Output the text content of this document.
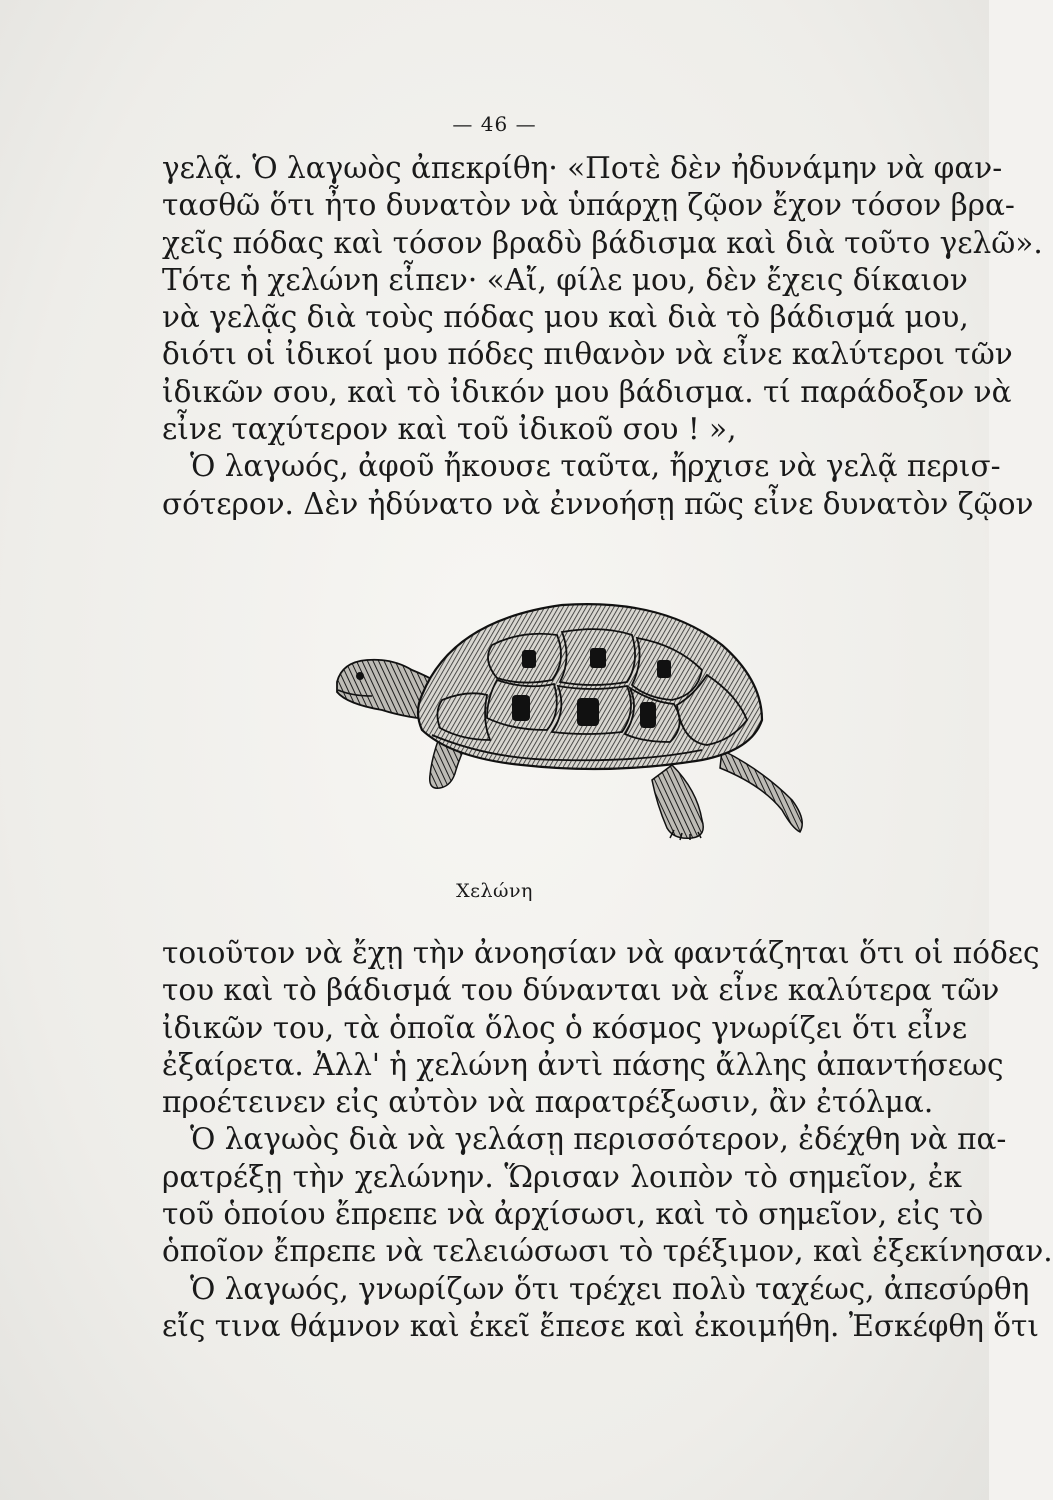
— 46 —
γελᾷ. Ὁ λαγωὸς ἀπεκρίθη· «Ποτὲ δὲν ἠδυνάμην νὰ φαν-
τασθῶ ὅτι ἦτο δυνατὸν νὰ ὑπάρχῃ ζῷον ἔχον τόσον βρα-
χεῖς πόδας καὶ τόσον βραδὺ βάδισμα καὶ διὰ τοῦτο γελῶ».
Τότε ἡ χελώνη εἶπεν· «Αἴ, φίλε μου, δὲν ἔχεις δίκαιον
νὰ γελᾷς διὰ τοὺς πόδας μου καὶ διὰ τὸ βάδισμά μου,
διότι οἱ ἰδικοί μου πόδες πιθανὸν νὰ εἶνε καλύτεροι τῶν
ἰδικῶν σου, καὶ τὸ ἰδικόν μου βάδισμα. τί παράδοξον νὰ
εἶνε ταχύτερον καὶ τοῦ ἰδικοῦ σου ! »,
Ὁ λαγωός, ἀφοῦ ἤκουσε ταῦτα, ἤρχισε νὰ γελᾷ περισ-
σότερον. Δὲν ἠδύνατο νὰ ἐννοήσῃ πῶς εἶνε δυνατὸν ζῷον
Χελώνη
τοιοῦτον νὰ ἔχῃ τὴν ἀνοησίαν νὰ φαντάζηται ὅτι οἱ πόδες
του καὶ τὸ βάδισμά του δύνανται νὰ εἶνε καλύτερα τῶν
ἰδικῶν του, τὰ ὁποῖα ὅλος ὁ κόσμος γνωρίζει ὅτι εἶνε
ἐξαίρετα. Ἀλλ' ἡ χελώνη ἀντὶ πάσης ἄλλης ἀπαντήσεως
προέτεινεν εἰς αὐτὸν νὰ παρατρέξωσιν, ἂν ἐτόλμα.
Ὁ λαγωὸς διὰ νὰ γελάσῃ περισσότερον, ἐδέχθη νὰ πα-
ρατρέξῃ τὴν χελώνην. Ὥρισαν λοιπὸν τὸ σημεῖον, ἐκ
τοῦ ὁποίου ἔπρεπε νὰ ἀρχίσωσι, καὶ τὸ σημεῖον, εἰς τὸ
ὁποῖον ἔπρεπε νὰ τελειώσωσι τὸ τρέξιμον, καὶ ἐξεκίνησαν.
Ὁ λαγωός, γνωρίζων ὅτι τρέχει πολὺ ταχέως, ἀπεσύρθη
εἴς τινα θάμνον καὶ ἐκεῖ ἔπεσε καὶ ἐκοιμήθη. Ἐσκέφθη ὅτι
